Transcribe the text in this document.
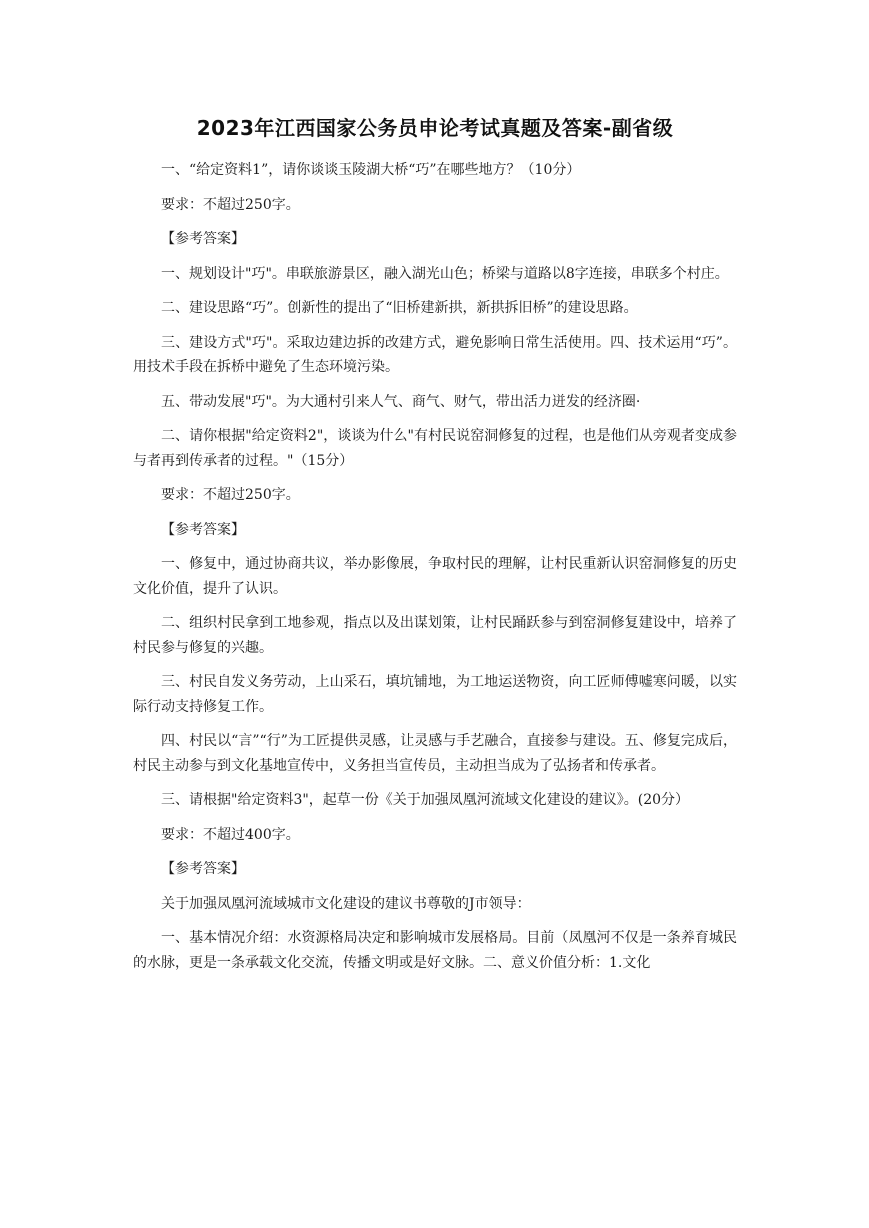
2023年江西国家公务员申论考试真题及答案-副省级

一、“给定资料1”，请你谈谈玉陵湖大桥“巧”在哪些地方？（10分）

要求：不超过250字。

【参考答案】

一、规划设计"巧"。串联旅游景区，融入湖光山色；桥梁与道路以8字连接，串联多个村庄。

二、建设思路“巧”。创新性的提出了“旧桥建新拱，新拱拆旧桥”的建设思路。

三、建设方式"巧"。采取边建边拆的改建方式，避免影响日常生活使用。四、技术运用“巧”。用技术手段在拆桥中避免了生态环境污染。

五、带动发展"巧"。为大通村引来人气、商气、财气，带出活力迸发的经济圈·

二、请你根据"给定资料2"，谈谈为什么"有村民说窑洞修复的过程，也是他们从旁观者变成参与者再到传承者的过程。"（15分）

要求：不超过250字。

【参考答案】

一、修复中，通过协商共议，举办影像展，争取村民的理解，让村民重新认识窑洞修复的历史文化价值，提升了认识。

二、组织村民拿到工地参观，指点以及出谋划策，让村民踊跃参与到窑洞修复建设中，培养了村民参与修复的兴趣。

三、村民自发义务劳动，上山采石，填坑铺地，为工地运送物资，向工匠师傅嘘寒问暖，以实际行动支持修复工作。

四、村民以“言”“行”为工匠提供灵感，让灵感与手艺融合，直接参与建设。五、修复完成后，村民主动参与到文化基地宣传中，义务担当宣传员，主动担当成为了弘扬者和传承者。

三、请根据"给定资料3"，起草一份《关于加强凤凰河流域文化建设的建议》。(20分）

要求：不超过400字。

【参考答案】

关于加强凤凰河流域城市文化建设的建议书尊敬的J市领导：

一、基本情况介绍：水资源格局决定和影响城市发展格局。目前（凤凰河不仅是一条养育城民的水脉，更是一条承载文化交流，传播文明或是好文脉。二、意义价值分析：1.文化
